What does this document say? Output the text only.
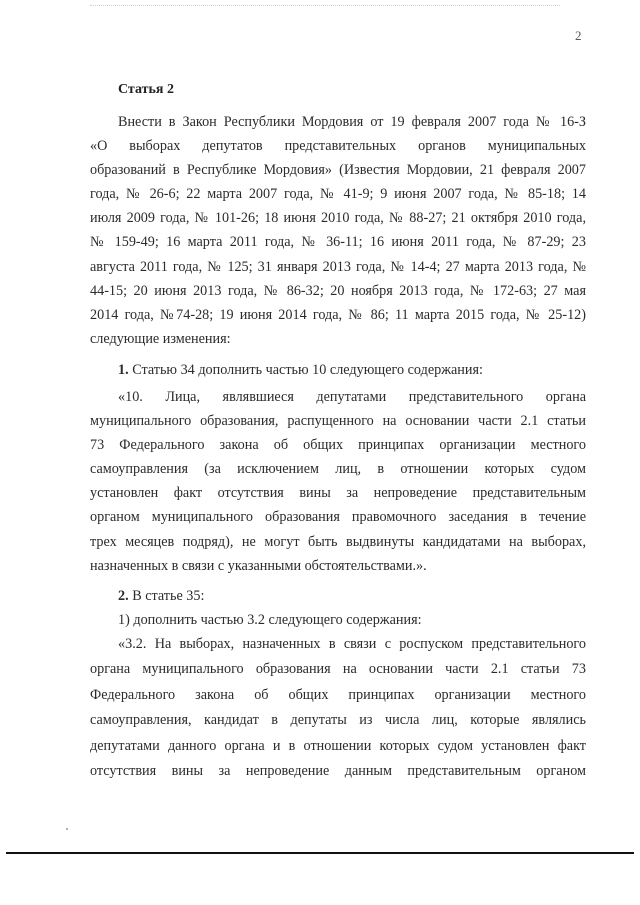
2
Статья 2

Внести в Закон Республики Мордовия от 19 февраля 2007 года № 16-З

«О выборах депутатов представительных органов муниципальных

образований в Республике Мордовия» (Известия Мордовии, 21 февраля 2007

года, № 26-6; 22 марта 2007 года, № 41-9; 9 июня 2007 года, № 85-18; 14

июля 2009 года, № 101-26; 18 июня 2010 года, № 88-27; 21 октября 2010 года,

№ 159-49; 16 марта 2011 года, № 36-11; 16 июня 2011 года, № 87-29; 23

августа 2011 года, № 125; 31 января 2013 года, № 14-4; 27 марта 2013 года, №

44-15; 20 июня 2013 года, № 86-32; 20 ноября 2013 года, № 172-63; 27 мая

2014 года, №74-28; 19 июня 2014 года, № 86; 11 марта 2015 года, № 25-12)

следующие изменения:

1. Статью 34 дополнить частью 10 следующего содержания:

«10. Лица, являвшиеся депутатами представительного органа

муниципального образования, распущенного на основании части 2.1 статьи

73 Федерального закона об общих принципах организации местного

самоуправления (за исключением лиц, в отношении которых судом

установлен факт отсутствия вины за непроведение представительным

органом муниципального образования правомочного заседания в течение

трех месяцев подряд), не могут быть выдвинуты кандидатами на выборах,

назначенных в связи с указанными обстоятельствами.».

2. В статье 35:

1) дополнить частью 3.2 следующего содержания:

«3.2. На выборах, назначенных в связи с роспуском представительного

органа муниципального образования на основании части 2.1 статьи 73

Федерального закона об общих принципах организации местного

самоуправления, кандидат в депутаты из числа лиц, которые являлись

депутатами данного органа и в отношении которых судом установлен факт

отсутствия вины за непроведение данным представительным органом
